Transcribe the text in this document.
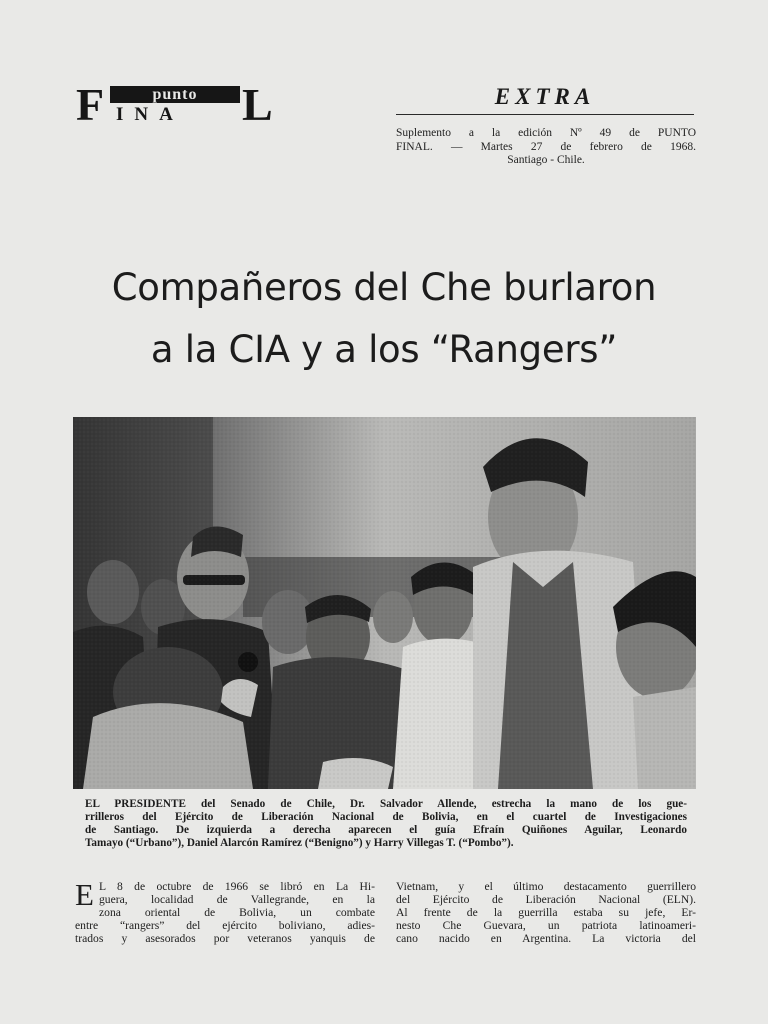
F	punto
INA L	EXTRA
Suplemento a la edición Nº 49 de PUNTO
FINAL. — Martes 27 de febrero de 1968.
Santiago - Chile.
Compañeros del Che burlaron
a la CIA y a los “Rangers”
EL PRESIDENTE del Senado de Chile, Dr. Salvador Allende, estrecha la mano de los gue-
rrilleros del Ejército de Liberación Nacional de Bolivia, en el cuartel de Investigaciones
de Santiago. De izquierda a derecha aparecen el guía Efraín Quiñones Aguilar, Leonardo
Tamayo (“Urbano”), Daniel Alarcón Ramírez (“Benigno”) y Harry Villegas T. (“Pombo”).
E L 8 de octubre de 1966 se libró en La Hi-
guera, localidad de Vallegrande, en la
zona oriental de Bolivia, un combate
entre “rangers” del ejército boliviano, adies-
trados y asesorados por veteranos yanquis de
Vietnam, y el último destacamento guerrillero
del Ejército de Liberación Nacional (ELN).
Al frente de la guerrilla estaba su jefe, Er-
nesto Che Guevara, un patriota latinoameri-
cano nacido en Argentina. La victoria del
